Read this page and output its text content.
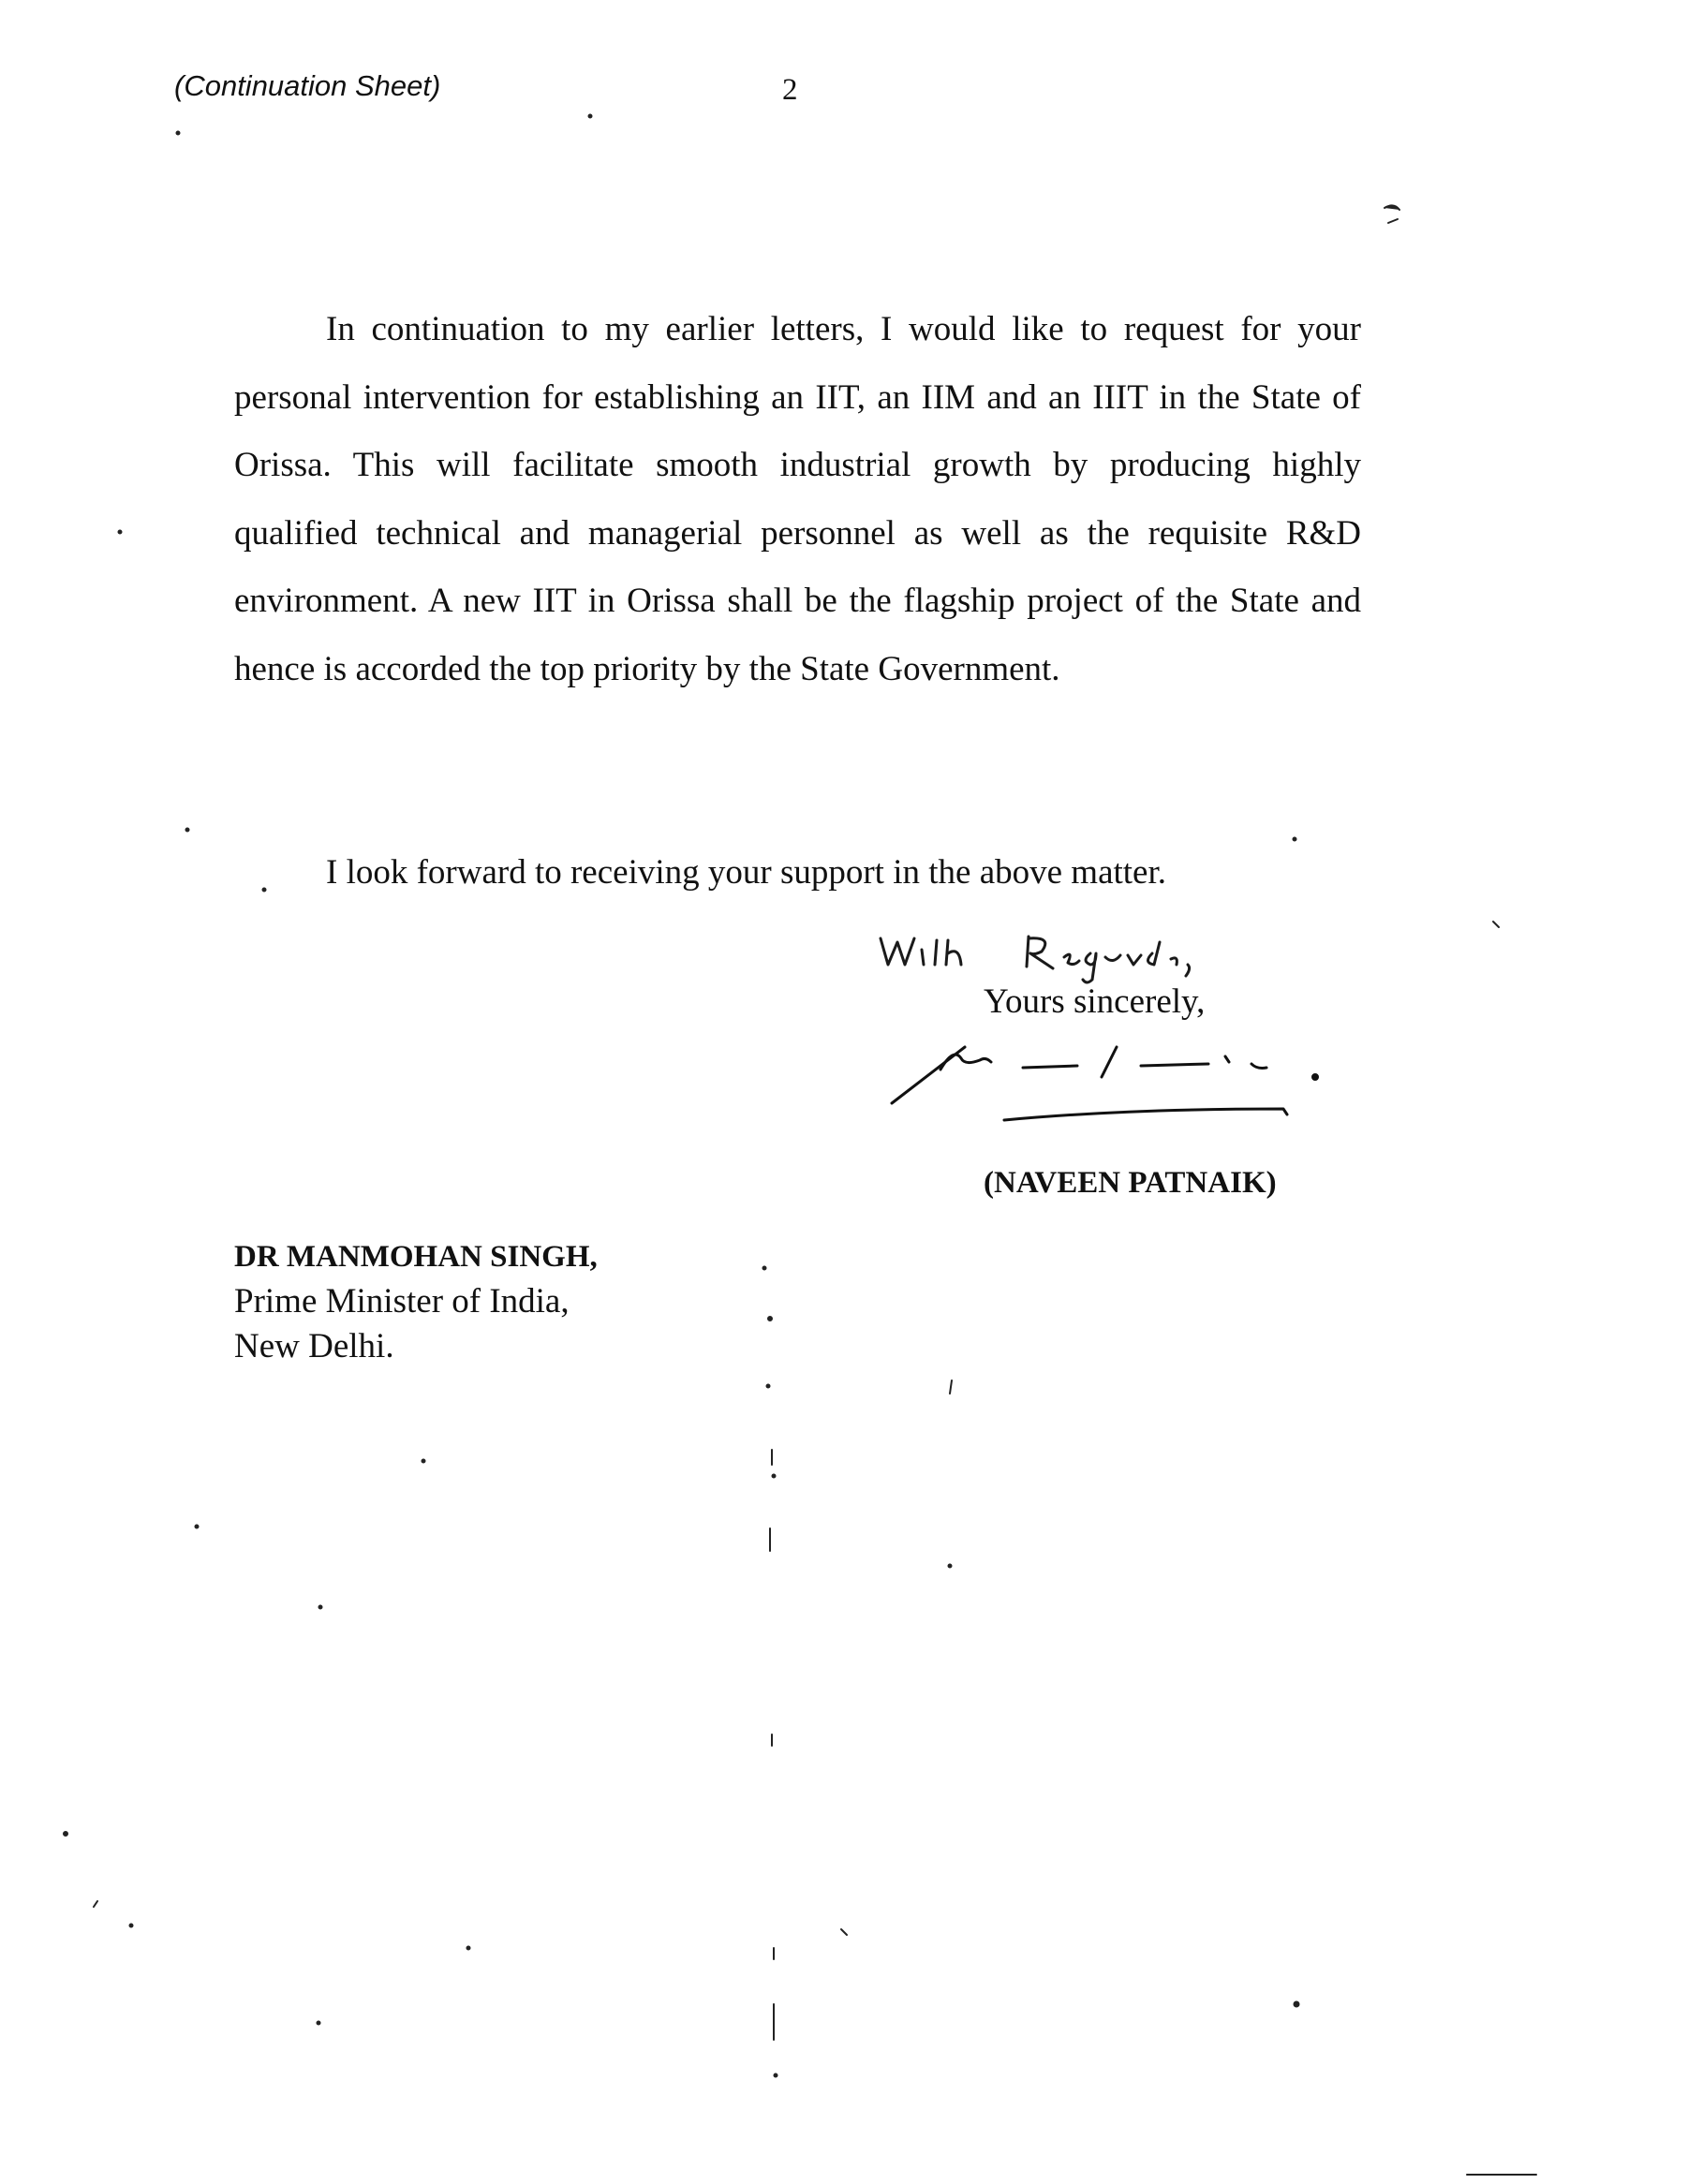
(Continuation Sheet)	2

In continuation to my earlier letters, I would like to request for your personal intervention for establishing an IIT, an IIM and an IIIT in the State of Orissa. This will facilitate smooth industrial growth by producing highly qualified technical and managerial personnel as well as the requisite R&D environment. A new IIT in Orissa shall be the flagship project of the State and hence is accorded the top priority by the State Government.

I look forward to receiving your support in the above matter.

Yours sincerely,
(NAVEEN PATNAIK)
DR MANMOHAN SINGH,
Prime Minister of India,
New Delhi.
